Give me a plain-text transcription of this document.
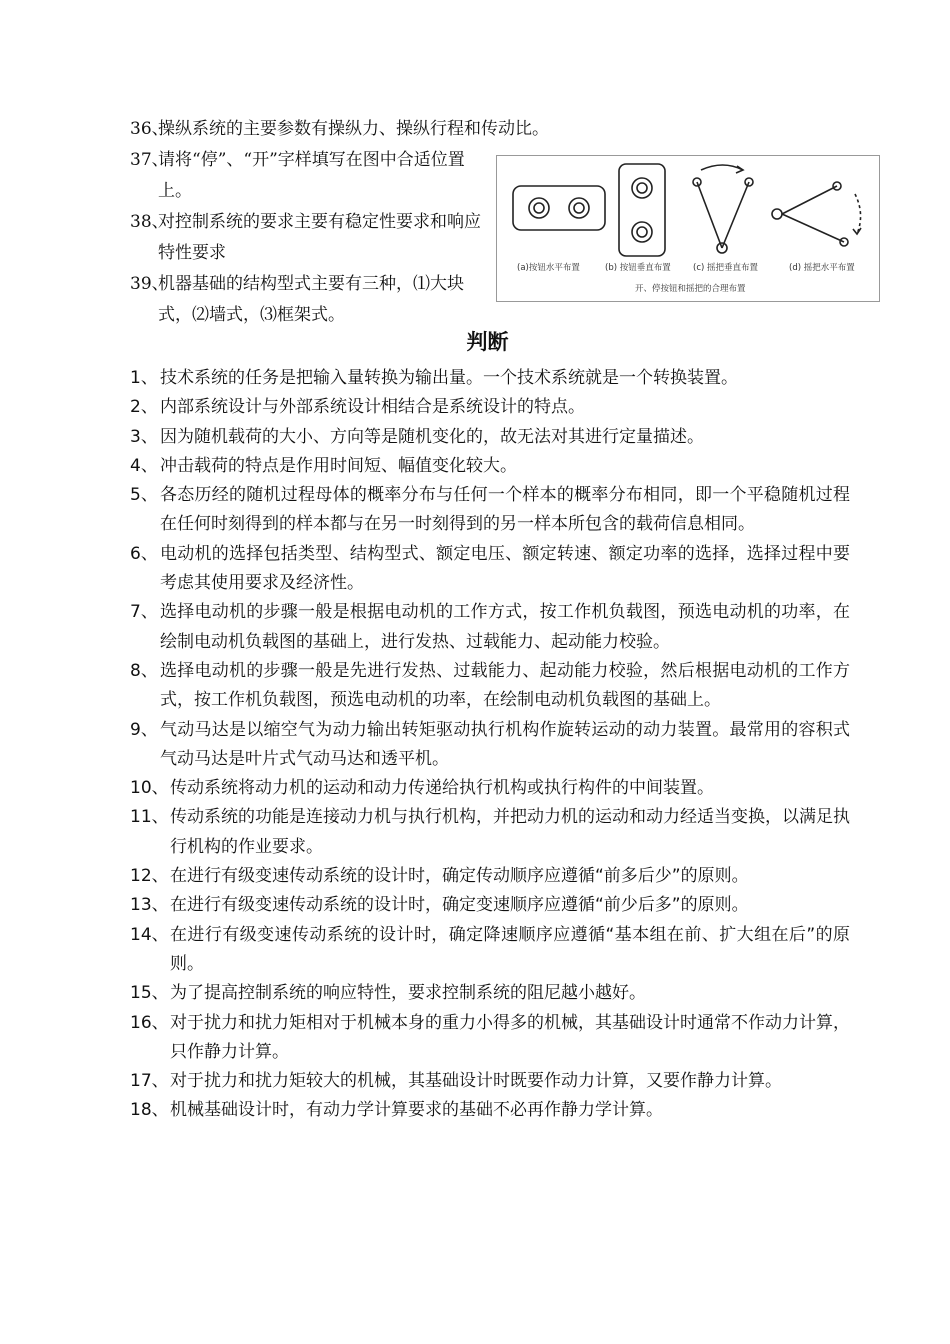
36、
操纵系统的主要参数有操纵力、操纵行程和传动比。
37、
请将“停”、“开”字样填写在图中合适位置上。
38、
对控制系统的要求主要有稳定性要求和响应特性要求
39、
机器基础的结构型式主要有三种，⑴大块式，⑵墙式，⑶框架式。
(a)按钮水平布置	(b) 按钮垂直布置	(c) 摇把垂直布置	(d) 摇把水平布置
开、停按钮和摇把的合理布置
判断
1、 技术系统的任务是把输入量转换为输出量。一个技术系统就是一个转换装置。
2、 内部系统设计与外部系统设计相结合是系统设计的特点。
3、 因为随机载荷的大小、方向等是随机变化的，故无法对其进行定量描述。
4、 冲击载荷的特点是作用时间短、幅值变化较大。
5、 各态历经的随机过程母体的概率分布与任何一个样本的概率分布相同，即一个平稳随机过程在任何时刻得到的样本都与在另一时刻得到的另一样本所包含的载荷信息相同。
6、 电动机的选择包括类型、结构型式、额定电压、额定转速、额定功率的选择，选择过程中要考虑其使用要求及经济性。
7、 选择电动机的步骤一般是根据电动机的工作方式，按工作机负载图，预选电动机的功率，在绘制电动机负载图的基础上，进行发热、过载能力、起动能力校验。
8、 选择电动机的步骤一般是先进行发热、过载能力、起动能力校验，然后根据电动机的工作方式，按工作机负载图，预选电动机的功率，在绘制电动机负载图的基础上。
9、 气动马达是以缩空气为动力输出转矩驱动执行机构作旋转运动的动力装置。最常用的容积式气动马达是叶片式气动马达和透平机。
10、 传动系统将动力机的运动和动力传递给执行机构或执行构件的中间装置。
11、 传动系统的功能是连接动力机与执行机构，并把动力机的运动和动力经适当变换，以满足执行机构的作业要求。
12、 在进行有级变速传动系统的设计时，确定传动顺序应遵循“前多后少”的原则。
13、 在进行有级变速传动系统的设计时，确定变速顺序应遵循“前少后多”的原则。
14、 在进行有级变速传动系统的设计时，确定降速顺序应遵循“基本组在前、扩大组在后”的原则。
15、 为了提高控制系统的响应特性，要求控制系统的阻尼越小越好。
16、 对于扰力和扰力矩相对于机械本身的重力小得多的机械，其基础设计时通常不作动力计算，只作静力计算。
17、 对于扰力和扰力矩较大的机械，其基础设计时既要作动力计算，又要作静力计算。
18、 机械基础设计时，有动力学计算要求的基础不必再作静力学计算。
